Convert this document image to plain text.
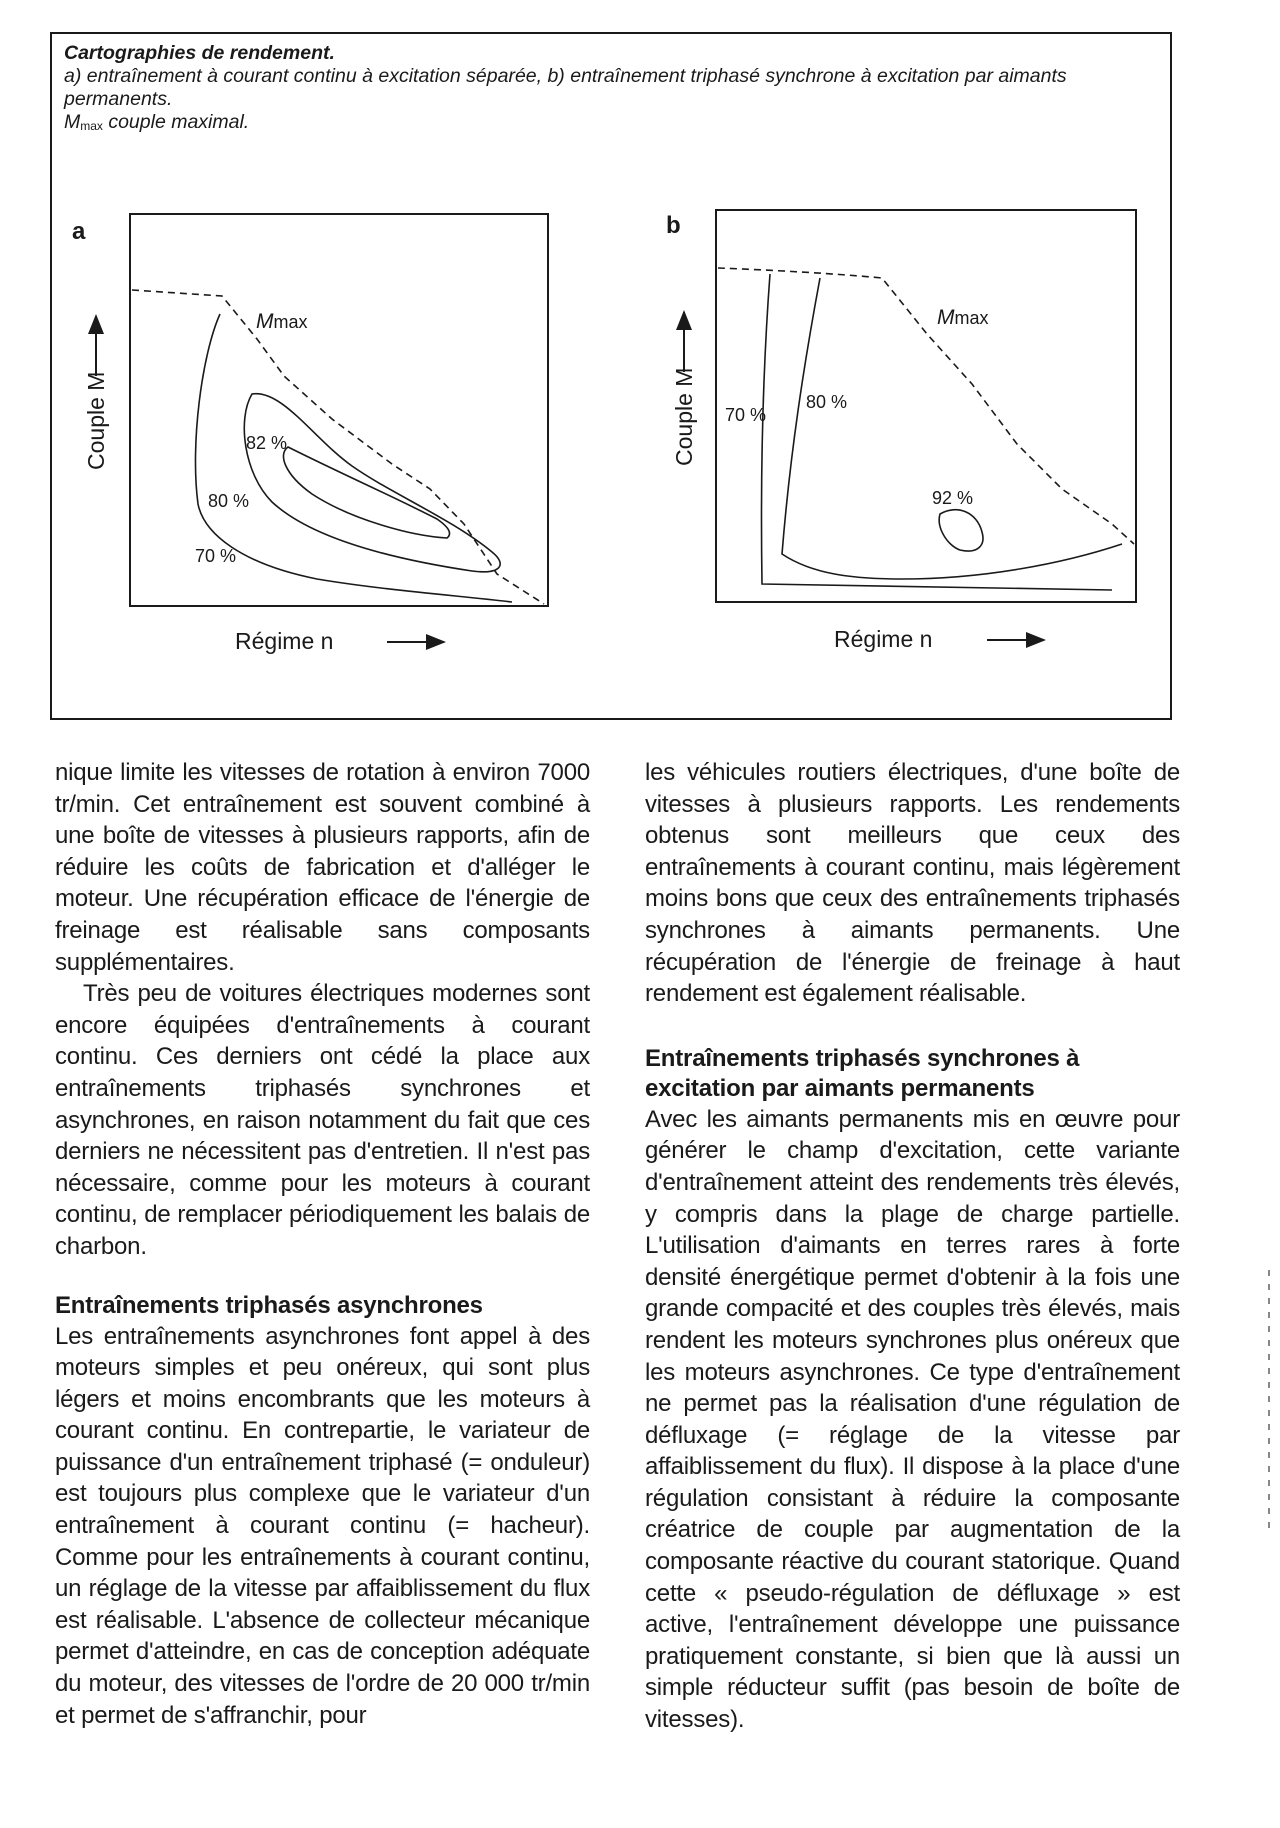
Cartographies de rendement.
a) entraînement à courant continu à excitation séparée, b) entraînement triphasé synchrone à excitation par aimants permanents.
$M_{max}$ couple maximal.
a	b
Mmax
82 %
80 %
70 %
Couple M
Régime n
Mmax
70 %
80 %
92 %
Couple M
Régime n

nique limite les vitesses de rotation à environ 7000 tr/min. Cet entraînement est souvent combiné à une boîte de vitesses à plusieurs rapports, afin de réduire les coûts de fabrication et d'alléger le moteur. Une récupération efficace de l'énergie de freinage est réalisable sans composants supplémentaires.

Très peu de voitures électriques modernes sont encore équipées d'entraînements à courant continu. Ces derniers ont cédé la place aux entraînements triphasés synchrones et asynchrones, en raison notamment du fait que ces derniers ne nécessitent pas d'entretien. Il n'est pas nécessaire, comme pour les moteurs à courant continu, de remplacer périodiquement les balais de charbon.

Entraînements triphasés asynchrones

Les entraînements asynchrones font appel à des moteurs simples et peu onéreux, qui sont plus légers et moins encombrants que les moteurs à courant continu. En contrepartie, le variateur de puissance d'un entraînement triphasé (= onduleur) est toujours plus complexe que le variateur d'un entraînement à courant continu (= hacheur). Comme pour les entraînements à courant continu, un réglage de la vitesse par affaiblissement du flux est réalisable. L'absence de collecteur mécanique permet d'atteindre, en cas de conception adéquate du moteur, des vitesses de l'ordre de 20 000 tr/min et permet de s'affranchir, pour

les véhicules routiers électriques, d'une boîte de vitesses à plusieurs rapports. Les rendements obtenus sont meilleurs que ceux des entraînements à courant continu, mais légèrement moins bons que ceux des entraînements triphasés synchrones à aimants permanents. Une récupération de l'énergie de freinage à haut rendement est également réalisable.

Entraînements triphasés synchrones à excitation par aimants permanents

Avec les aimants permanents mis en œuvre pour générer le champ d'excitation, cette variante d'entraînement atteint des rendements très élevés, y compris dans la plage de charge partielle. L'utilisation d'aimants en terres rares à forte densité énergétique permet d'obtenir à la fois une grande compacité et des couples très élevés, mais rendent les moteurs synchrones plus onéreux que les moteurs asynchrones. Ce type d'entraînement ne permet pas la réalisation d'une régulation de défluxage (= réglage de la vitesse par affaiblissement du flux). Il dispose à la place d'une régulation consistant à réduire la composante créatrice de couple par augmentation de la composante réactive du courant statorique. Quand cette « pseudo-régulation de défluxage » est active, l'entraînement développe une puissance pratiquement constante, si bien que là aussi un simple réducteur suffit (pas besoin de boîte de vitesses).
